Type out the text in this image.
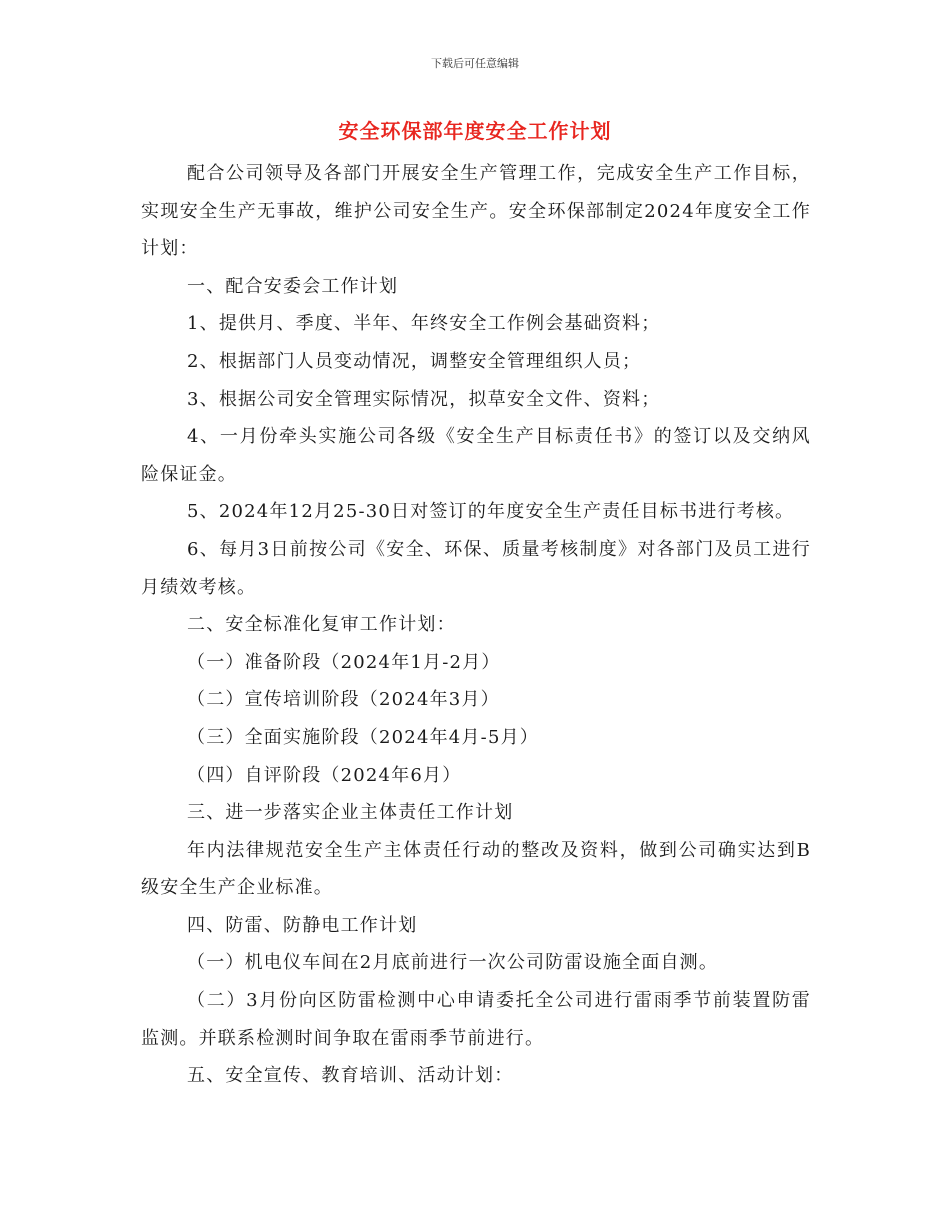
下载后可任意编辑
安全环保部年度安全工作计划

配合公司领导及各部门开展安全生产管理工作，完成安全生产工作目标，实现安全生产无事故，维护公司安全生产。安全环保部制定2024年度安全工作计划：

一、配合安委会工作计划

1、提供月、季度、半年、年终安全工作例会基础资料；

2、根据部门人员变动情况，调整安全管理组织人员；

3、根据公司安全管理实际情况，拟草安全文件、资料；

4、一月份牵头实施公司各级《安全生产目标责任书》的签订以及交纳风险保证金。

5、2024年12月25-30日对签订的年度安全生产责任目标书进行考核。

6、每月3日前按公司《安全、环保、质量考核制度》对各部门及员工进行月绩效考核。

二、安全标准化复审工作计划：

（一）准备阶段（2024年1月-2月）

（二）宣传培训阶段（2024年3月）

（三）全面实施阶段（2024年4月-5月）

（四）自评阶段（2024年6月）

三、进一步落实企业主体责任工作计划

年内法律规范安全生产主体责任行动的整改及资料，做到公司确实达到B级安全生产企业标准。

四、防雷、防静电工作计划

（一）机电仪车间在2月底前进行一次公司防雷设施全面自测。

（二）3月份向区防雷检测中心申请委托全公司进行雷雨季节前装置防雷监测。并联系检测时间争取在雷雨季节前进行。

五、安全宣传、教育培训、活动计划：
